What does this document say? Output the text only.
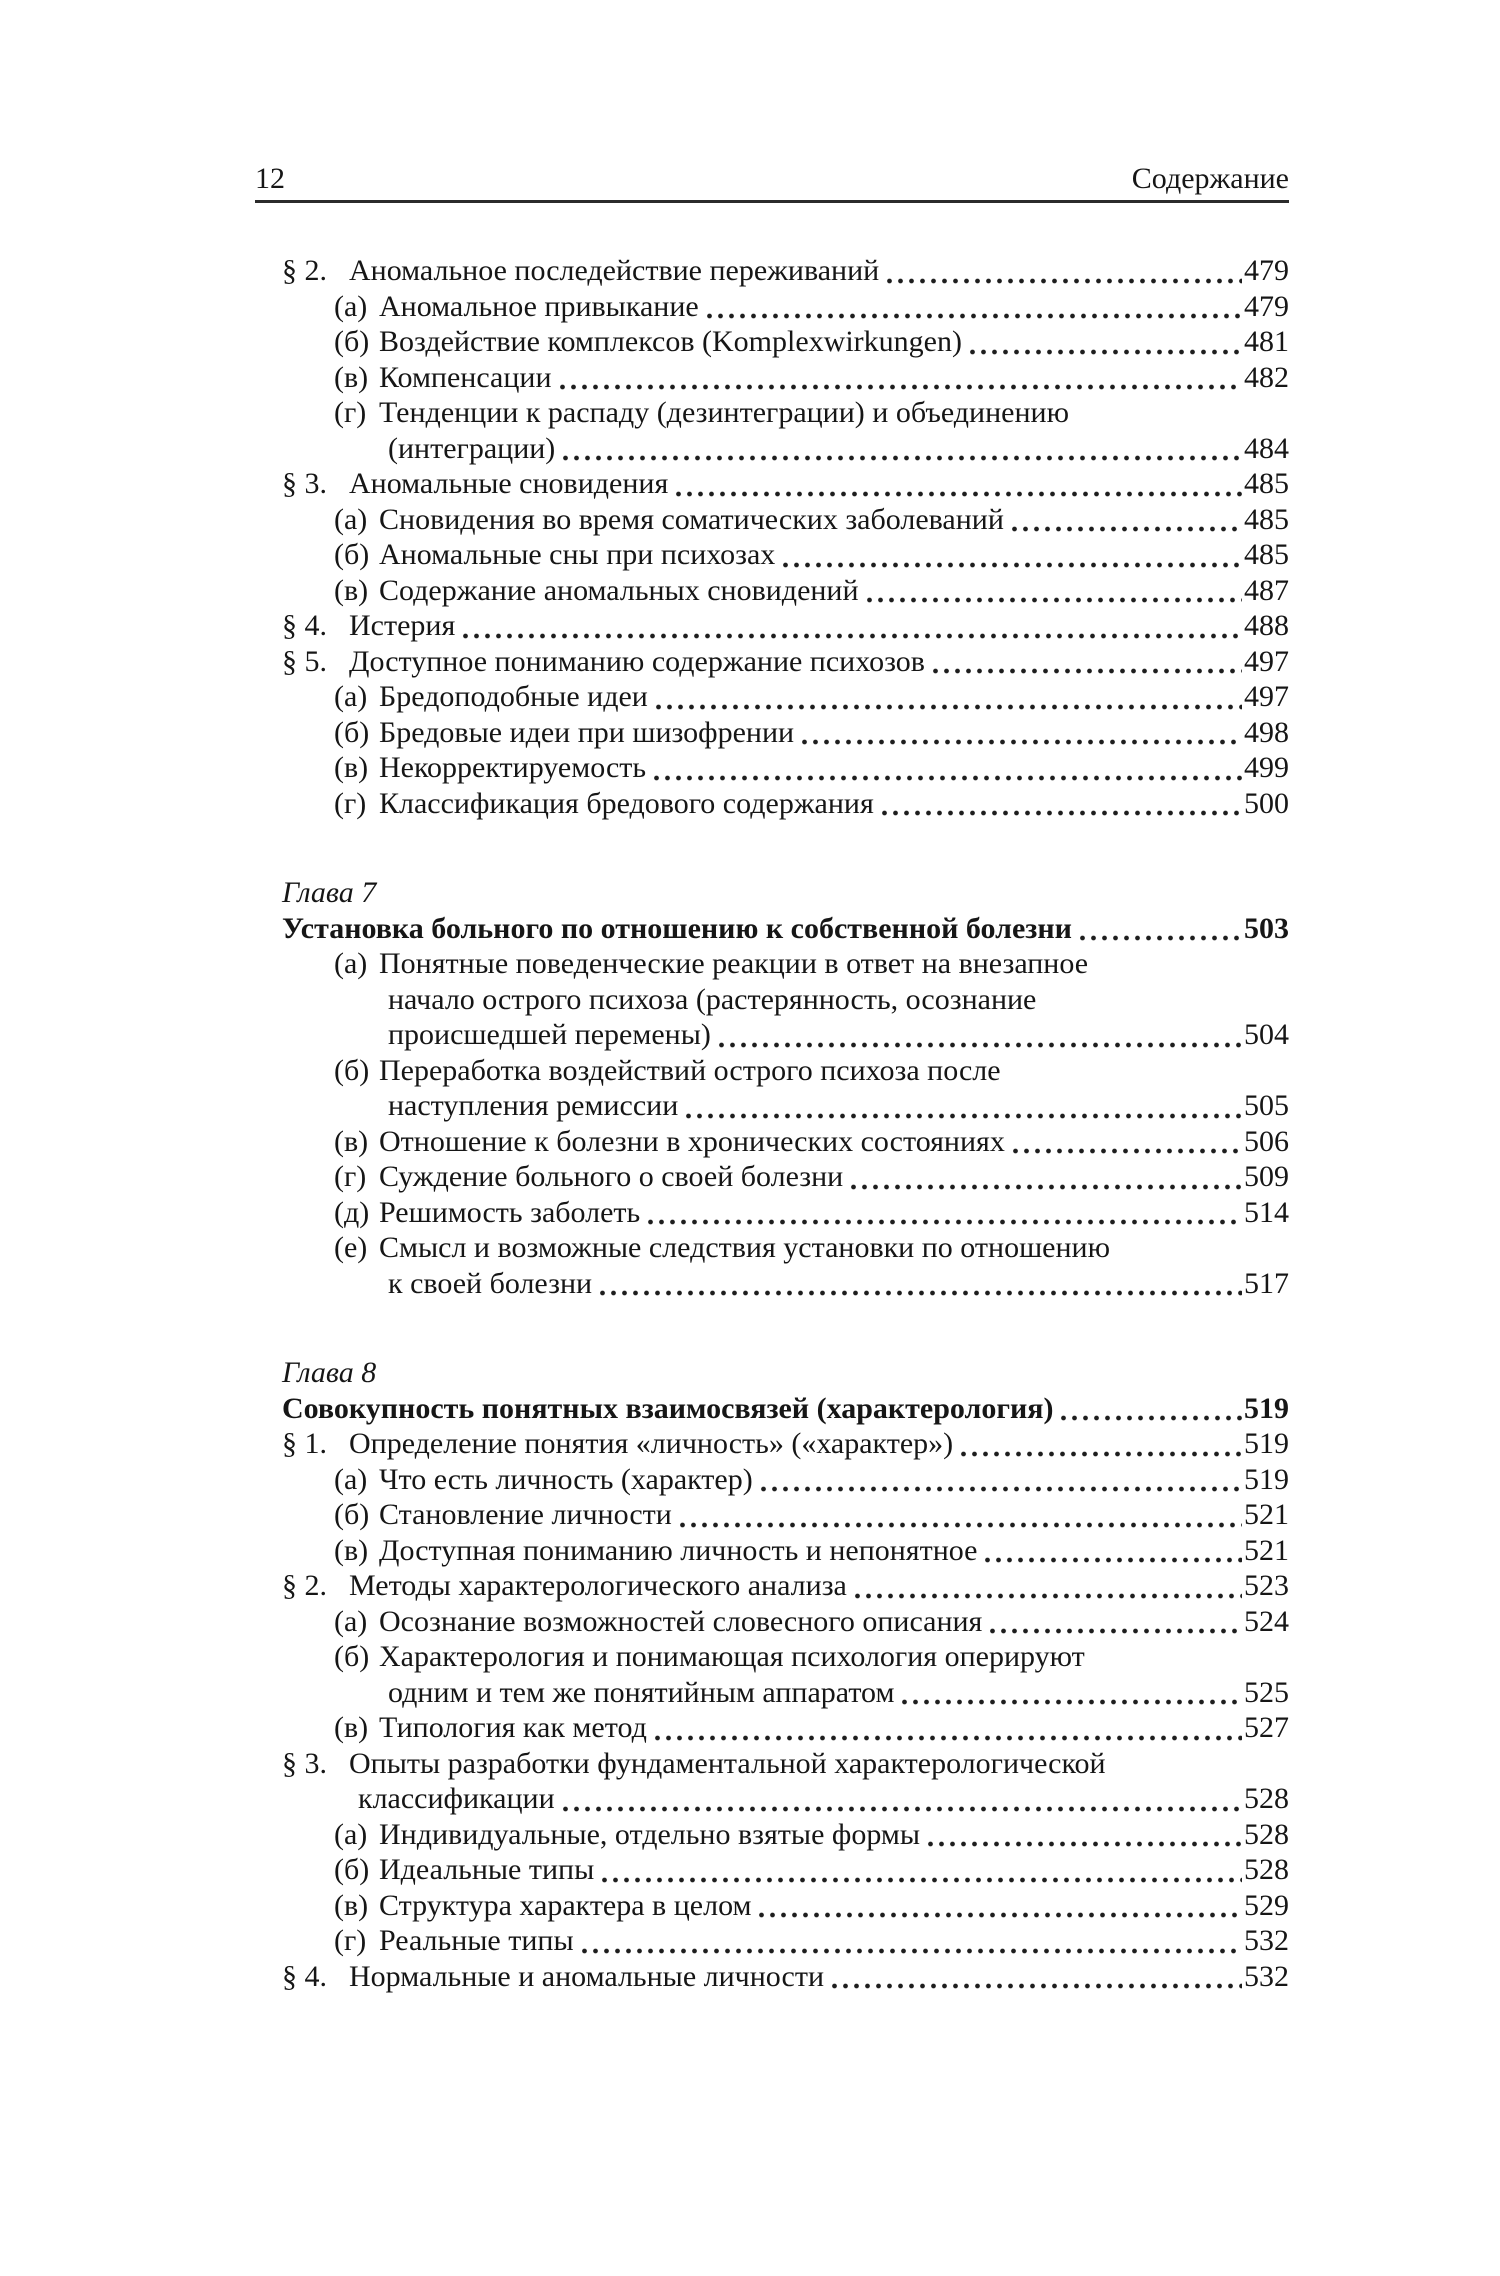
12	Содержание
§ 2. Аномальное последействие переживаний	479
(а) Аномальное привыкание	479
(б) Воздействие комплексов (Komplexwirkungen)	481
(в) Компенсации	482
(г) Тенденции к распаду (дезинтеграции) и объединению
(интеграции)	484
§ 3. Аномальные сновидения	485
(а) Сновидения во время соматических заболеваний	485
(б) Аномальные сны при психозах	485
(в) Содержание аномальных сновидений	487
§ 4. Истерия	488
§ 5. Доступное пониманию содержание психозов	497
(а) Бредоподобные идеи	497
(б) Бредовые идеи при шизофрении	498
(в) Некорректируемость	499
(г) Классификация бредового содержания	500
Глава 7
Установка больного по отношению к собственной болезни	503
(а) Понятные поведенческие реакции в ответ на внезапное
начало острого психоза (растерянность, осознание
происшедшей перемены)	504
(б) Переработка воздействий острого психоза после
наступления ремиссии	505
(в) Отношение к болезни в хронических состояниях	506
(г) Суждение больного о своей болезни	509
(д) Решимость заболеть	514
(е) Смысл и возможные следствия установки по отношению
к своей болезни	517
Глава 8
Совокупность понятных взаимосвязей (характерология)	519
§ 1. Определение понятия «личность» («характер»)	519
(а) Что есть личность (характер)	519
(б) Становление личности	521
(в) Доступная пониманию личность и непонятное	521
§ 2. Методы характерологического анализа	523
(а) Осознание возможностей словесного описания	524
(б) Характерология и понимающая психология оперируют
одним и тем же понятийным аппаратом	525
(в) Типология как метод	527
§ 3. Опыты разработки фундаментальной характерологической
классификации	528
(а) Индивидуальные, отдельно взятые формы	528
(б) Идеальные типы	528
(в) Структура характера в целом	529
(г) Реальные типы	532
§ 4. Нормальные и аномальные личности	532
